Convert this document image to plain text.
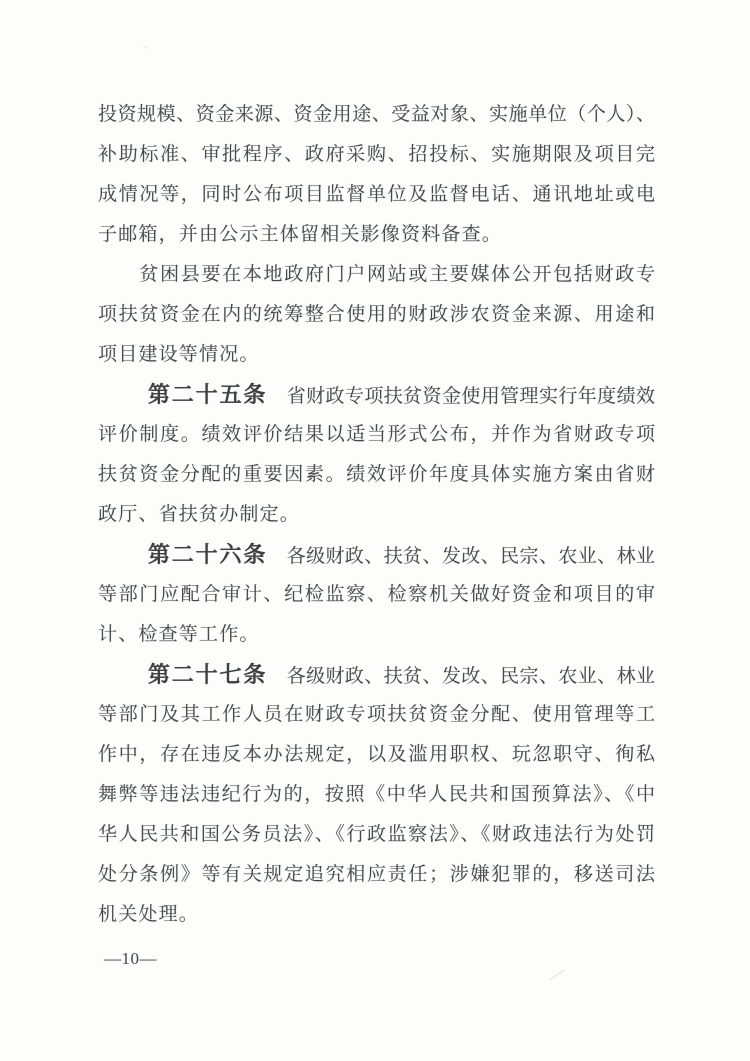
投资规模、资金来源、资金用途、受益对象、实施单位（个人）、
补助标准、审批程序、政府采购、招投标、实施期限及项目完
成情况等，同时公布项目监督单位及监督电话、通讯地址或电
子邮箱，并由公示主体留相关影像资料备查。
　　贫困县要在本地政府门户网站或主要媒体公开包括财政专
项扶贫资金在内的统筹整合使用的财政涉农资金来源、用途和
项目建设等情况。
　　第二十五条　省财政专项扶贫资金使用管理实行年度绩效
评价制度。绩效评价结果以适当形式公布，并作为省财政专项
扶贫资金分配的重要因素。绩效评价年度具体实施方案由省财
政厅、省扶贫办制定。
　　第二十六条　各级财政、扶贫、发改、民宗、农业、林业
等部门应配合审计、纪检监察、检察机关做好资金和项目的审
计、检查等工作。
　　第二十七条　各级财政、扶贫、发改、民宗、农业、林业
等部门及其工作人员在财政专项扶贫资金分配、使用管理等工
作中，存在违反本办法规定，以及滥用职权、玩忽职守、徇私
舞弊等违法违纪行为的，按照《中华人民共和国预算法》、《中
华人民共和国公务员法》、《行政监察法》、《财政违法行为处罚
处分条例》等有关规定追究相应责任；涉嫌犯罪的，移送司法
机关处理。
—10—
